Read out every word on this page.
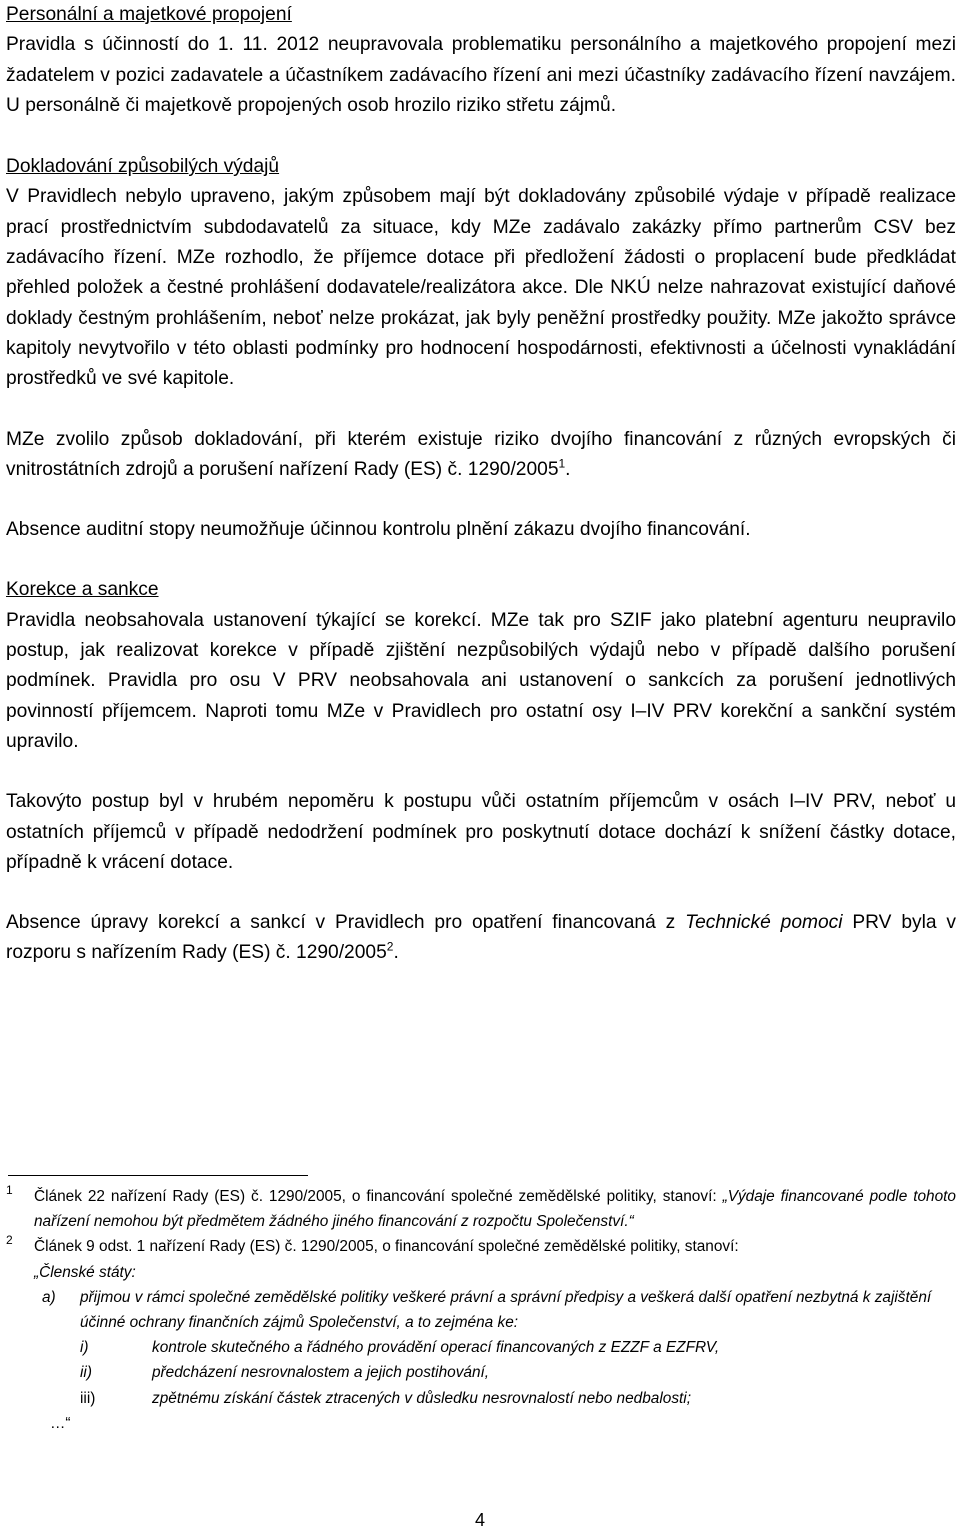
Personální a majetkové propojení
Pravidla s účinností do 1. 11. 2012 neupravovala problematiku personálního a majetkového propojení mezi žadatelem v pozici zadavatele a účastníkem zadávacího řízení ani mezi účastníky zadávacího řízení navzájem. U personálně či majetkově propojených osob hrozilo riziko střetu zájmů.
Dokladování způsobilých výdajů
V Pravidlech nebylo upraveno, jakým způsobem mají být dokladovány způsobilé výdaje v případě realizace prací prostřednictvím subdodavatelů za situace, kdy MZe zadávalo zakázky přímo partnerům CSV bez zadávacího řízení. MZe rozhodlo, že příjemce dotace při předložení žádosti o proplacení bude předkládat přehled položek a čestné prohlášení dodavatele/realizátora akce. Dle NKÚ nelze nahrazovat existující daňové doklady čestným prohlášením, neboť nelze prokázat, jak byly peněžní prostředky použity. MZe jakožto správce kapitoly nevytvořilo v této oblasti podmínky pro hodnocení hospodárnosti, efektivnosti a účelnosti vynakládání prostředků ve své kapitole.
MZe zvolilo způsob dokladování, při kterém existuje riziko dvojího financování z různých evropských či vnitrostátních zdrojů a porušení nařízení Rady (ES) č. 1290/2005$^1$.
Absence auditní stopy neumožňuje účinnou kontrolu plnění zákazu dvojího financování.
Korekce a sankce
Pravidla neobsahovala ustanovení týkající se korekcí. MZe tak pro SZIF jako platební agenturu neupravilo postup, jak realizovat korekce v případě zjištění nezpůsobilých výdajů nebo v případě dalšího porušení podmínek. Pravidla pro osu V PRV neobsahovala ani ustanovení o sankcích za porušení jednotlivých povinností příjemcem. Naproti tomu MZe v Pravidlech pro ostatní osy I–IV PRV korekční a sankční systém upravilo.
Takovýto postup byl v hrubém nepoměru k postupu vůči ostatním příjemcům v osách I–IV PRV, neboť u ostatních příjemců v případě nedodržení podmínek pro poskytnutí dotace dochází k snížení částky dotace, případně k vrácení dotace.
Absence úpravy korekcí a sankcí v Pravidlech pro opatření financovaná z Technické pomoci PRV byla v rozporu s nařízením Rady (ES) č. 1290/2005$^2$.
1 Článek 22 nařízení Rady (ES) č. 1290/2005, o financování společné zemědělské politiky, stanoví: „Výdaje financované podle tohoto nařízení nemohou být předmětem žádného jiného financování z rozpočtu Společenství.“
2 Článek 9 odst. 1 nařízení Rady (ES) č. 1290/2005, o financování společné zemědělské politiky, stanoví:
„Členské státy:
a) přijmou v rámci společné zemědělské politiky veškeré právní a správní předpisy a veškerá další opatření nezbytná k zajištění účinné ochrany finančních zájmů Společenství, a to zejména ke:
i)	kontrole skutečného a řádného provádění operací financovaných z EZZF a EZFRV,
ii)	předcházení nesrovnalostem a jejich postihování,
iii)	zpětnému získání částek ztracených v důsledku nesrovnalostí nebo nedbalosti;
…“
4
